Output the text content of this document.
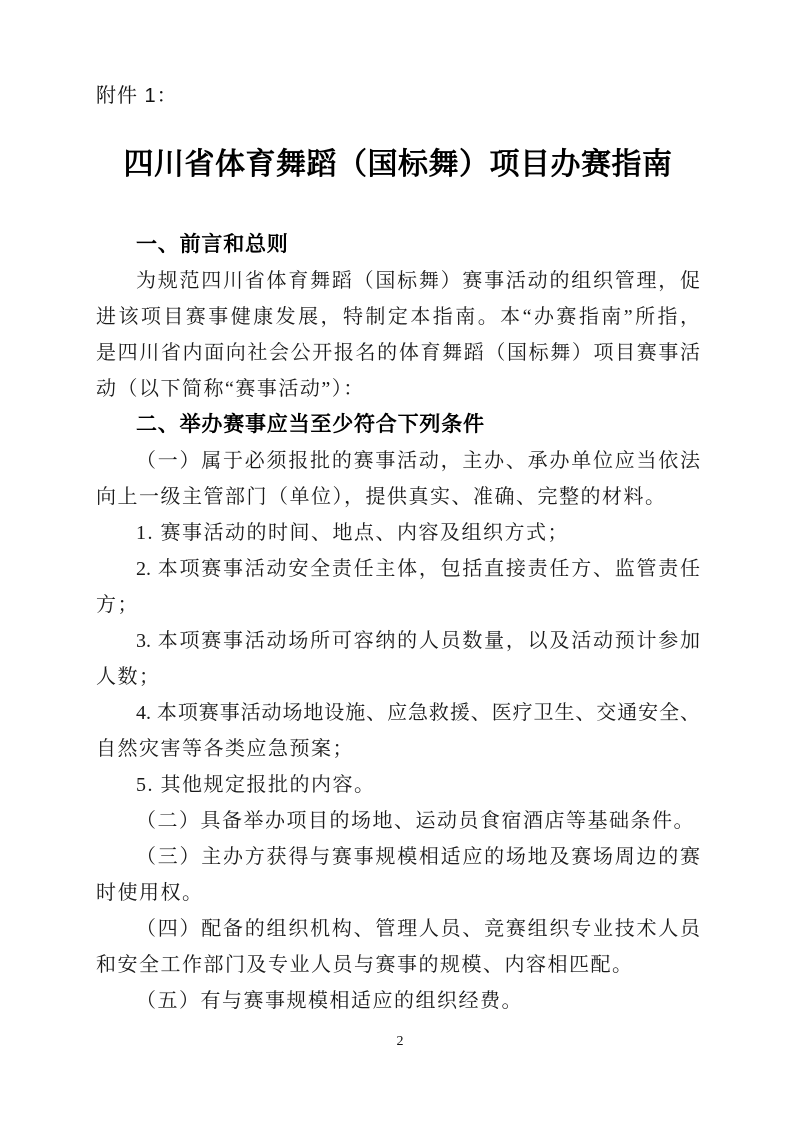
附件 1：
四川省体育舞蹈（国标舞）项目办赛指南
一、前言和总则
为规范四川省体育舞蹈（国标舞）赛事活动的组织管理，促
进该项目赛事健康发展，特制定本指南。本“办赛指南”所指，
是四川省内面向社会公开报名的体育舞蹈（国标舞）项目赛事活
动（以下简称“赛事活动”）：
二、举办赛事应当至少符合下列条件
（一）属于必须报批的赛事活动，主办、承办单位应当依法
向上一级主管部门（单位），提供真实、准确、完整的材料。
1. 赛事活动的时间、地点、内容及组织方式；
2. 本项赛事活动安全责任主体，包括直接责任方、监管责任
方；
3. 本项赛事活动场所可容纳的人员数量，以及活动预计参加
人数；
4. 本项赛事活动场地设施、应急救援、医疗卫生、交通安全、
自然灾害等各类应急预案；
5. 其他规定报批的内容。
（二）具备举办项目的场地、运动员食宿酒店等基础条件。
（三）主办方获得与赛事规模相适应的场地及赛场周边的赛
时使用权。
（四）配备的组织机构、管理人员、竞赛组织专业技术人员
和安全工作部门及专业人员与赛事的规模、内容相匹配。
（五）有与赛事规模相适应的组织经费。
2
